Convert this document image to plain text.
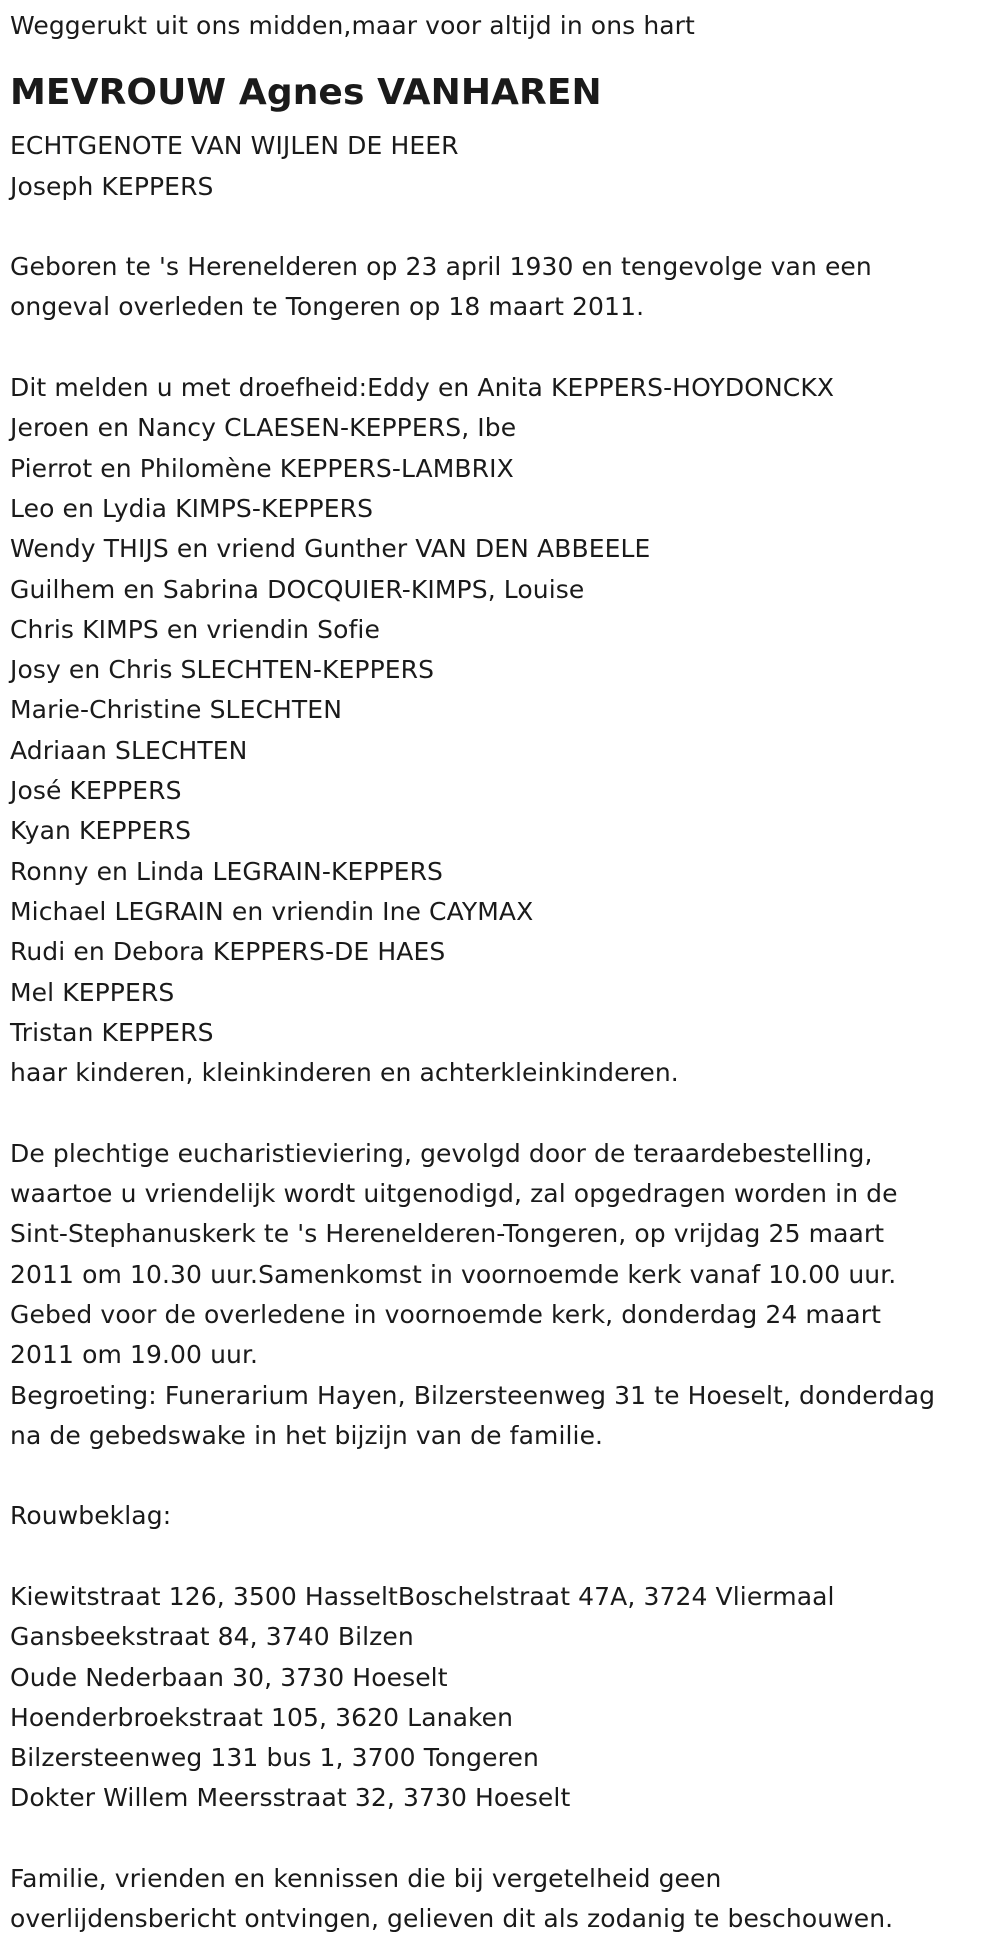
Weggerukt uit ons midden,maar voor altijd in ons hart
MEVROUW Agnes VANHAREN
ECHTGENOTE VAN WIJLEN DE HEER
Joseph KEPPERS
Geboren te 's Herenelderen op 23 april 1930 en tengevolge van een
ongeval overleden te Tongeren op 18 maart 2011.
Dit melden u met droefheid:Eddy en Anita KEPPERS-HOYDONCKX
Jeroen en Nancy CLAESEN-KEPPERS, Ibe
Pierrot en Philomène KEPPERS-LAMBRIX
Leo en Lydia KIMPS-KEPPERS
Wendy THIJS en vriend Gunther VAN DEN ABBEELE
Guilhem en Sabrina DOCQUIER-KIMPS, Louise
Chris KIMPS en vriendin Sofie
Josy en Chris SLECHTEN-KEPPERS
Marie-Christine SLECHTEN
Adriaan SLECHTEN
José KEPPERS
Kyan KEPPERS
Ronny en Linda LEGRAIN-KEPPERS
Michael LEGRAIN en vriendin Ine CAYMAX
Rudi en Debora KEPPERS-DE HAES
Mel KEPPERS
Tristan KEPPERS
haar kinderen, kleinkinderen en achterkleinkinderen.
De plechtige eucharistieviering, gevolgd door de teraardebestelling,
waartoe u vriendelijk wordt uitgenodigd, zal opgedragen worden in de
Sint-Stephanuskerk te 's Herenelderen-Tongeren, op vrijdag 25 maart
2011 om 10.30 uur.Samenkomst in voornoemde kerk vanaf 10.00 uur.
Gebed voor de overledene in voornoemde kerk, donderdag 24 maart
2011 om 19.00 uur.
Begroeting: Funerarium Hayen, Bilzersteenweg 31 te Hoeselt, donderdag
na de gebedswake in het bijzijn van de familie.
Rouwbeklag:
Kiewitstraat 126, 3500 HasseltBoschelstraat 47A, 3724 Vliermaal
Gansbeekstraat 84, 3740 Bilzen
Oude Nederbaan 30, 3730 Hoeselt
Hoenderbroekstraat 105, 3620 Lanaken
Bilzersteenweg 131 bus 1, 3700 Tongeren
Dokter Willem Meersstraat 32, 3730 Hoeselt
Familie, vrienden en kennissen die bij vergetelheid geen
overlijdensbericht ontvingen, gelieven dit als zodanig te beschouwen.
